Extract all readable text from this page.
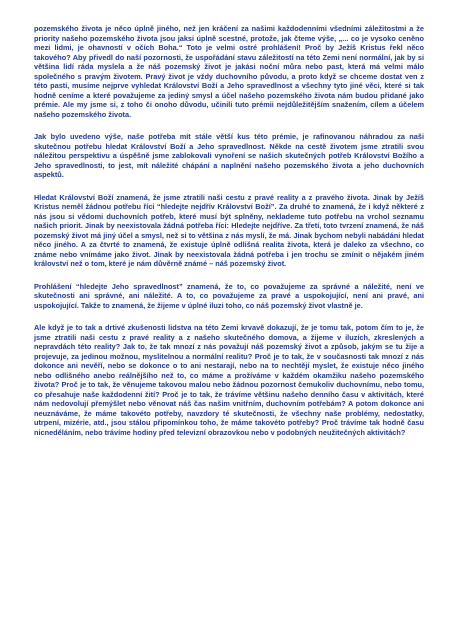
pozemského života je něco úplně jiného, než jen kráčení za našimi každodenními všedními záležitostmi a že priority našeho pozemského života jsou jaksi úplně scestné, protože, jak čteme výše, „... co je vysoko ceněno mezi lidmi, je ohavností v očích Boha.“ Toto je velmi ostré prohlášení! Proč by Ježíš Kristus řekl něco takového? Aby přivedl do naší pozornosti, že uspořádání stavu záležitostí na této Zemi není normální, jak by si většina lidí ráda myslela a že náš pozemský život je jakási noční můra nebo past, která má velmi málo společného s pravým životem. Pravý život je vždy duchovního původu, a proto když se chceme dostat ven z této pasti, musíme nejprve vyhledat Království Boží a Jeho spravedlnost a všechny tyto jiné věci, které si tak hodně ceníme a které považujeme za jediný smysl a účel našeho pozemského života nám budou přidané jako prémie. Ale my jsme si, z toho či onoho důvodu, učinili tuto prémii nejdůležitějším snažením, cílem a účelem našeho pozemského života.

Jak bylo uvedeno výše, naše potřeba mít stále větší kus této prémie, je rafinovanou náhradou za naši skutečnou potřebu hledat Království Boží a Jeho spravedlnost. Někde na cestě životem jsme ztratili svou náležitou perspektivu a úspěšně jsme zablokovali vynoření se našich skutečných potřeb Království Božího a Jeho spravedlnosti, to jest, mít náležité chápání a naplnění našeho pozemského života a jeho duchovních aspektů.

Hledat Království Boží znamená, že jsme ztratili naši cestu z pravé reality a z pravého života. Jinak by Ježíš Kristus neměl žádnou potřebu říci “hledejte nejdřív Království Boží”. Za druhé to znamená, že i když některé z nás jsou si vědomi duchovních potřeb, které musí být splněny, neklademe tuto potřebu na vrchol seznamu našich priorit. Jinak by neexistovala žádná potřeba říci: Hledejte nejdříve. Za třetí, toto tvrzení znamená, že náš pozemský život má jiný účel a smysl, než si to většina z nás myslí, že má. Jinak bychom nebyli nabádáni hledat něco jiného. A za čtvrté to znamená, že existuje úplně odlišná realita života, která je daleko za všechno, co známe nebo vnímáme jako život. Jinak by neexistovala žádná potřeba i jen trochu se zmínit o nějakém jiném království než o tom, které je nám důvěrně známé – náš pozemský život.

Prohlášení “hledejte Jeho spravedlnost” znamená, že to, co považujeme za správné a náležité, není ve skutečnosti ani správné, ani náležité. A to, co považujeme za pravé a uspokojující, není ani pravé, ani uspokojující. Takže to znamená, že žijeme v úplné iluzi toho, co náš pozemský život vlastně je.

Ale když je to tak a drtivé zkušenosti lidstva na této Zemi krvavě dokazují, že je tomu tak, potom čím to je, že jsme ztratili naši cestu z pravé reality a z našeho skutečného domova, a žijeme v iluzích, zkreslených a nepravdách této reality? Jak to, že tak mnozí z nás považují náš pozemský život a způsob, jakým se tu žije a projevuje, za jedinou možnou, myslitelnou a normální realitu? Proč je to tak, že v současnosti tak mnozí z nás dokonce ani nevěří, nebo se dokonce o to ani nestarají, nebo na to nechtějí myslet, že existuje něco jiného nebo odlišného anebo reálnějšího než to, co máme a prožíváme v každém okamžiku našeho pozemského života? Proč je to tak, že věnujeme takovou malou nebo žádnou pozornost čemukoliv duchovnímu, nebo tomu, co přesahuje naše každodenní žití? Proč je to tak, že trávíme většinu našeho denního času v aktivitách, které nám nedovolují přemýšlet nebo věnovat náš čas našim vnitřním, duchovním potřebám? A potom dokonce ani neuznáváme, že máme takovéto potřeby, navzdory té skutečnosti, že všechny naše problémy, nedostatky, utrpení, mizérie, atd., jsou stálou připomínkou toho, že máme takovéto potřeby? Proč trávíme tak hodně času nicneděláním, nebo trávíme hodiny před televizní obrazovkou nebo v podobných neužitečných aktivitách?
